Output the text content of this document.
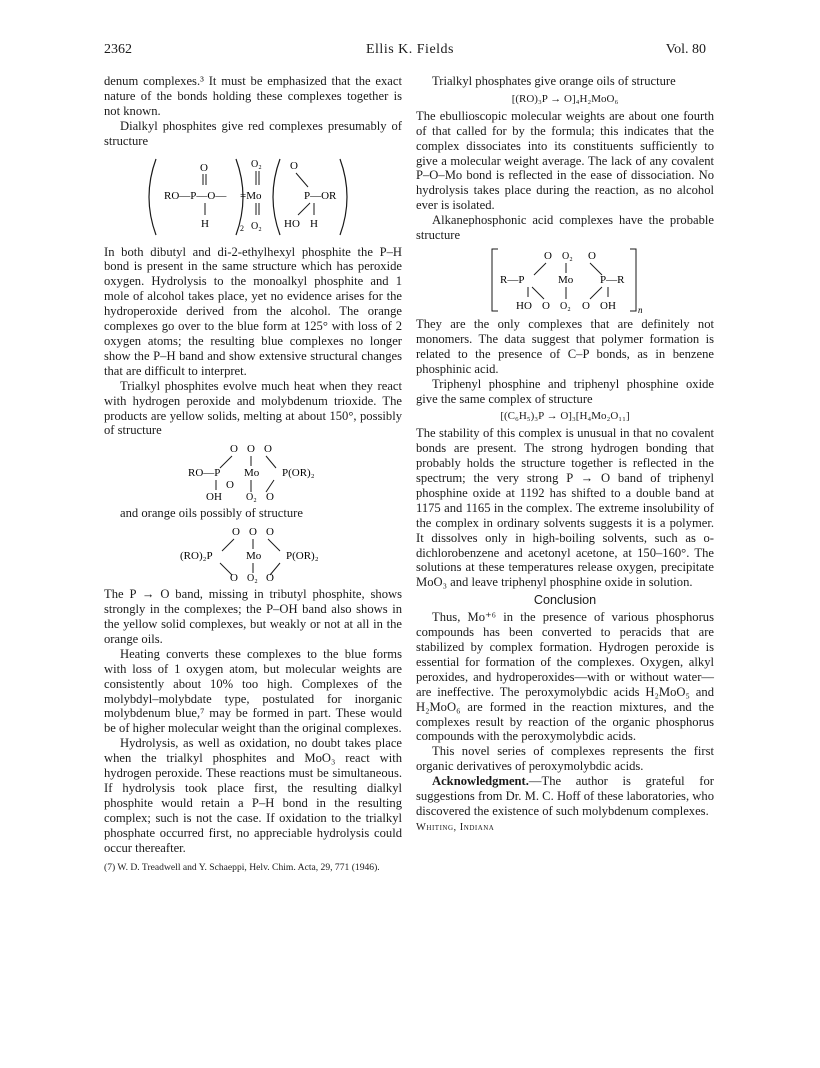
2362	Ellis K. Fields	Vol. 80

denum complexes.³ It must be emphasized that the exact nature of the bonds holding these complexes together is not known.

Dialkyl phosphites give red complexes presumably of structure

O
RO—P—O—
H
O₂
=Mo
O₂
2
O
P—OR
HO H

In both dibutyl and di-2-ethylhexyl phosphite the P–H bond is present in the same structure which has peroxide oxygen. Hydrolysis to the monoalkyl phosphite and 1 mole of alcohol takes place, yet no evidence arises for the hydroperoxide derived from the alcohol. The orange complexes go over to the blue form at 125° with loss of 2 oxygen atoms; the resulting blue complexes no longer show the P–H band and show extensive structural changes that are difficult to interpret.

Trialkyl phosphites evolve much heat when they react with hydrogen peroxide and molybdenum trioxide. The products are yellow solids, melting at about 150°, possibly of structure

O O O
RO—P Mo P(OR)₂
O
OH O₂ O

and orange oils possibly of structure

O O O
(RO)₂P	Mo P(OR)₂
O O₂ O

The P → O band, missing in tributyl phosphite, shows strongly in the complexes; the P–OH band also shows in the yellow solid complexes, but weakly or not at all in the orange oils.

Heating converts these complexes to the blue forms with loss of 1 oxygen atom, but molecular weights are consistently about 10% too high. Complexes of the molybdyl–molybdate type, postulated for inorganic molybdenum blue,⁷ may be formed in part. These would be of higher molecular weight than the original complexes.

Hydrolysis, as well as oxidation, no doubt takes place when the trialkyl phosphites and MoO₃ react with hydrogen peroxide. These reactions must be simultaneous. If hydrolysis took place first, the resulting dialkyl phosphite would retain a P–H bond in the resulting complex; such is not the case. If oxidation to the trialkyl phosphate occurred first, no appreciable hydrolysis could occur thereafter.

(7) W. D. Treadwell and Y. Schaeppi, Helv. Chim. Acta, 29, 771 (1946).

Trialkyl phosphates give orange oils of structure

[(RO)₃P → O]₄H₂MoO₆

The ebullioscopic molecular weights are about one fourth of that called for by the formula; this indicates that the complex dissociates into its constituents sufficiently to give a molecular weight average. The lack of any covalent P–O–Mo bond is reflected in the ease of dissociation. No hydrolysis takes place during the reaction, as no alcohol ever is isolated.

Alkanephosphonic acid complexes have the probable structure

O O₂ O
R—P	Mo P—R
HO O O₂ O OH n

They are the only complexes that are definitely not monomers. The data suggest that polymer formation is related to the presence of C–P bonds, as in benzene phosphinic acid.

Triphenyl phosphine and triphenyl phosphine oxide give the same complex of structure

[(C₆H₅)₃P → O]₃[H₄Mo₂O₁₁]

The stability of this complex is unusual in that no covalent bonds are present. The strong hydrogen bonding that probably holds the structure together is reflected in the spectrum; the very strong P → O band of triphenyl phosphine oxide at 1192 has shifted to a double band at 1175 and 1165 in the complex. The extreme insolubility of the complex in ordinary solvents suggests it is a polymer. It dissolves only in high-boiling solvents, such as o-dichlorobenzene and acetonyl acetone, at 150–160°. The solutions at these temperatures release oxygen, precipitate MoO₃ and leave triphenyl phosphine oxide in solution.

Conclusion

Thus, Mo⁺⁶ in the presence of various phosphorus compounds has been converted to peracids that are stabilized by complex formation. Hydrogen peroxide is essential for formation of the complexes. Oxygen, alkyl peroxides, and hydroperoxides—with or without water—are ineffective. The peroxymolybdic acids H₂MoO₅ and H₂MoO₆ are formed in the reaction mixtures, and the complexes result by reaction of the organic phosphorus compounds with the peroxymolybdic acids.

This novel series of complexes represents the first organic derivatives of peroxymolybdic acids.

Acknowledgment.—The author is grateful for suggestions from Dr. M. C. Hoff of these laboratories, who discovered the existence of such molybdenum complexes.

Whiting, Indiana
